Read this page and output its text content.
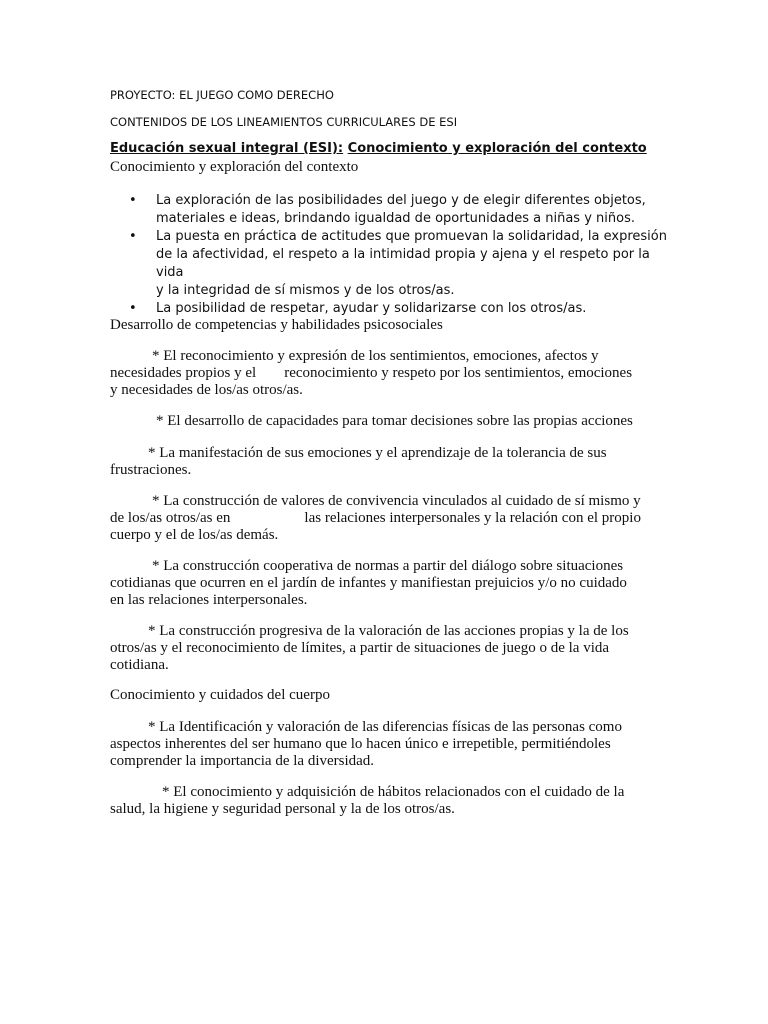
PROYECTO: EL JUEGO COMO DERECHO
CONTENIDOS DE LOS LINEAMIENTOS CURRICULARES DE ESI
Educación sexual integral (ESI): Conocimiento y exploración del contexto
Conocimiento y exploración del contexto
• La exploración de las posibilidades del juego y de elegir diferentes objetos,
materiales e ideas, brindando igualdad de oportunidades a niñas y niños.
• La puesta en práctica de actitudes que promuevan la solidaridad, la expresión
de la afectividad, el respeto a la intimidad propia y ajena y el respeto por la vida
y la integridad de sí mismos y de los otros/as.
• La posibilidad de respetar, ayudar y solidarizarse con los otros/as.
Desarrollo de competencias y habilidades psicosociales
* El reconocimiento y expresión de los sentimientos, emociones, afectos y
necesidades propios y el reconocimiento y respeto por los sentimientos, emociones
y necesidades de los/as otros/as.
* El desarrollo de capacidades para tomar decisiones sobre las propias acciones
* La manifestación de sus emociones y el aprendizaje de la tolerancia de sus
frustraciones.
* La construcción de valores de convivencia vinculados al cuidado de sí mismo y
de los/as otros/as en	las relaciones interpersonales y la relación con el propio
cuerpo y el de los/as demás.
* La construcción cooperativa de normas a partir del diálogo sobre situaciones
cotidianas que ocurren en el jardín de infantes y manifiestan prejuicios y/o no cuidado
en las relaciones interpersonales.
* La construcción progresiva de la valoración de las acciones propias y la de los
otros/as y el reconocimiento de límites, a partir de situaciones de juego o de la vida
cotidiana.
Conocimiento y cuidados del cuerpo
* La Identificación y valoración de las diferencias físicas de las personas como
aspectos inherentes del ser humano que lo hacen único e irrepetible, permitiéndoles
comprender la importancia de la diversidad.
* El conocimiento y adquisición de hábitos relacionados con el cuidado de la
salud, la higiene y seguridad personal y la de los otros/as.
